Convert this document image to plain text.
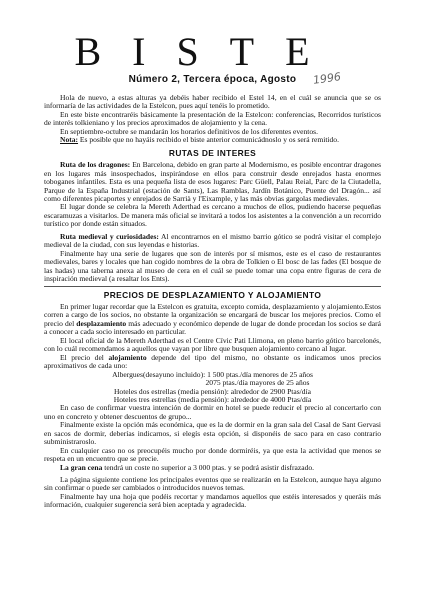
BISTE
Número 2, Tercera época, Agosto	1996

Hola de nuevo, a estas alturas ya debéis haber recibido el Estel 14, en el cuál se anuncia que se os informaría de las actividades de la Estelcon, pues aquí tenéis lo prometido.

En este biste encontraréis básicamente la presentación de la Estelcon: conferencias, Recorridos turísticos de interés tolkieniano y los precios aproximados de alojamiento y la cena.

En septiembre-octubre se mandarán los horarios definitivos de los diferentes eventos.

Nota: Es posible que no hayáis recibido el biste anterior comunicádnoslo y os será remitido.

RUTAS DE INTERES

Ruta de los dragones: En Barcelona, debido en gran parte al Modernismo, es posible encontrar dragones en los lugares más insospechados, inspirándose en ellos para construir desde enrejados hasta enormes toboganes infantiles. Esta es una pequeña lista de esos lugares: Parc Güell, Palau Reial, Parc de la Ciutadella, Parque de la España Industrial (estación de Sants), Las Ramblas, Jardín Botánico, Puente del Dragón... así como diferentes picaportes y enrejados de Sarrià y l'Eixample, y las más obvias gargolas medievales.

El lugar donde se celebra la Mereth Aderthad es cercano a muchos de ellos, pudiendo hacerse pequeñas escaramuzas a visitarlos. De manera más oficial se invitará a todos los asistentes a la convención a un recorrido turístico por donde están situados.

Ruta medieval y curiosidades: Al encontrarnos en el mismo barrio gótico se podrá visitar el complejo medieval de la ciudad, con sus leyendas e historias.

Finalmente hay una serie de lugares que son de interés por sí mismos, este es el caso de restaurantes medievales, bares y locales que han cogido nombres de la obra de Tolkien o El bosc de las fades (El bosque de las hadas) una taberna anexa al museo de cera en el cuál se puede tomar una copa entre figuras de cera de inspiración medieval (a resaltar los Ents).

PRECIOS DE DESPLAZAMIENTO Y ALOJAMIENTO

En primer lugar recordar que la Estelcon es gratuita, excepto comida, desplazamiento y alojamiento.Estos corren a cargo de los socios, no obstante la organización se encargará de buscar los mejores precios. Como el precio del desplazamiento más adecuado y económico depende de lugar de donde procedan los socios se dará a conocer a cada socio interesado en particular.

El local oficial de la Mereth Aderthad es el Centre Cívic Pati Llimona, en pleno barrio gótico barcelonés, con lo cuál recomendamos a aquellos que vayan por libre que busquen alojamiento cercano al lugar.

El precio del alojamiento depende del tipo del mismo, no obstante os indicamos unos precios aproximativos de cada uno:

Albergues(desayuno incluido): 1 500 ptas./día menores de 25 años

2075 ptas./día mayores de 25 años

Hoteles dos estrellas (media pensión): alrededor de 2900 Ptas/día

Hoteles tres estrellas (media pensión): alrededor de 4000 Ptas/día

En caso de confirmar vuestra intención de dormir en hotel se puede reducir el precio al concertarlo con uno en concreto y obtener descuentos de grupo...

Finalmente existe la opción más económica, que es la de dormir en la gran sala del Casal de Sant Gervasi en sacos de dormir, deberías indicarnos, si elegís esta opción, si disponéis de saco para en caso contrario subministraroslo.

En cualquier caso no os preocupéis mucho por donde dormiréis, ya que esta la actividad que menos se respeta en un encuentro que se precie.

La gran cena tendrá un coste no superior a 3 000 ptas. y se podrá asistir disfrazado.

La página siguiente contiene los principales eventos que se realizarán en la Estelcon, aunque haya alguno sin confirmar o puede ser cambiados o introducidos nuevos temas.

Finalmente hay una hoja que podéis recortar y mandarnos aquellos que estéis interesados y queráis más información, cualquier sugerencia será bien aceptada y agradecida.
